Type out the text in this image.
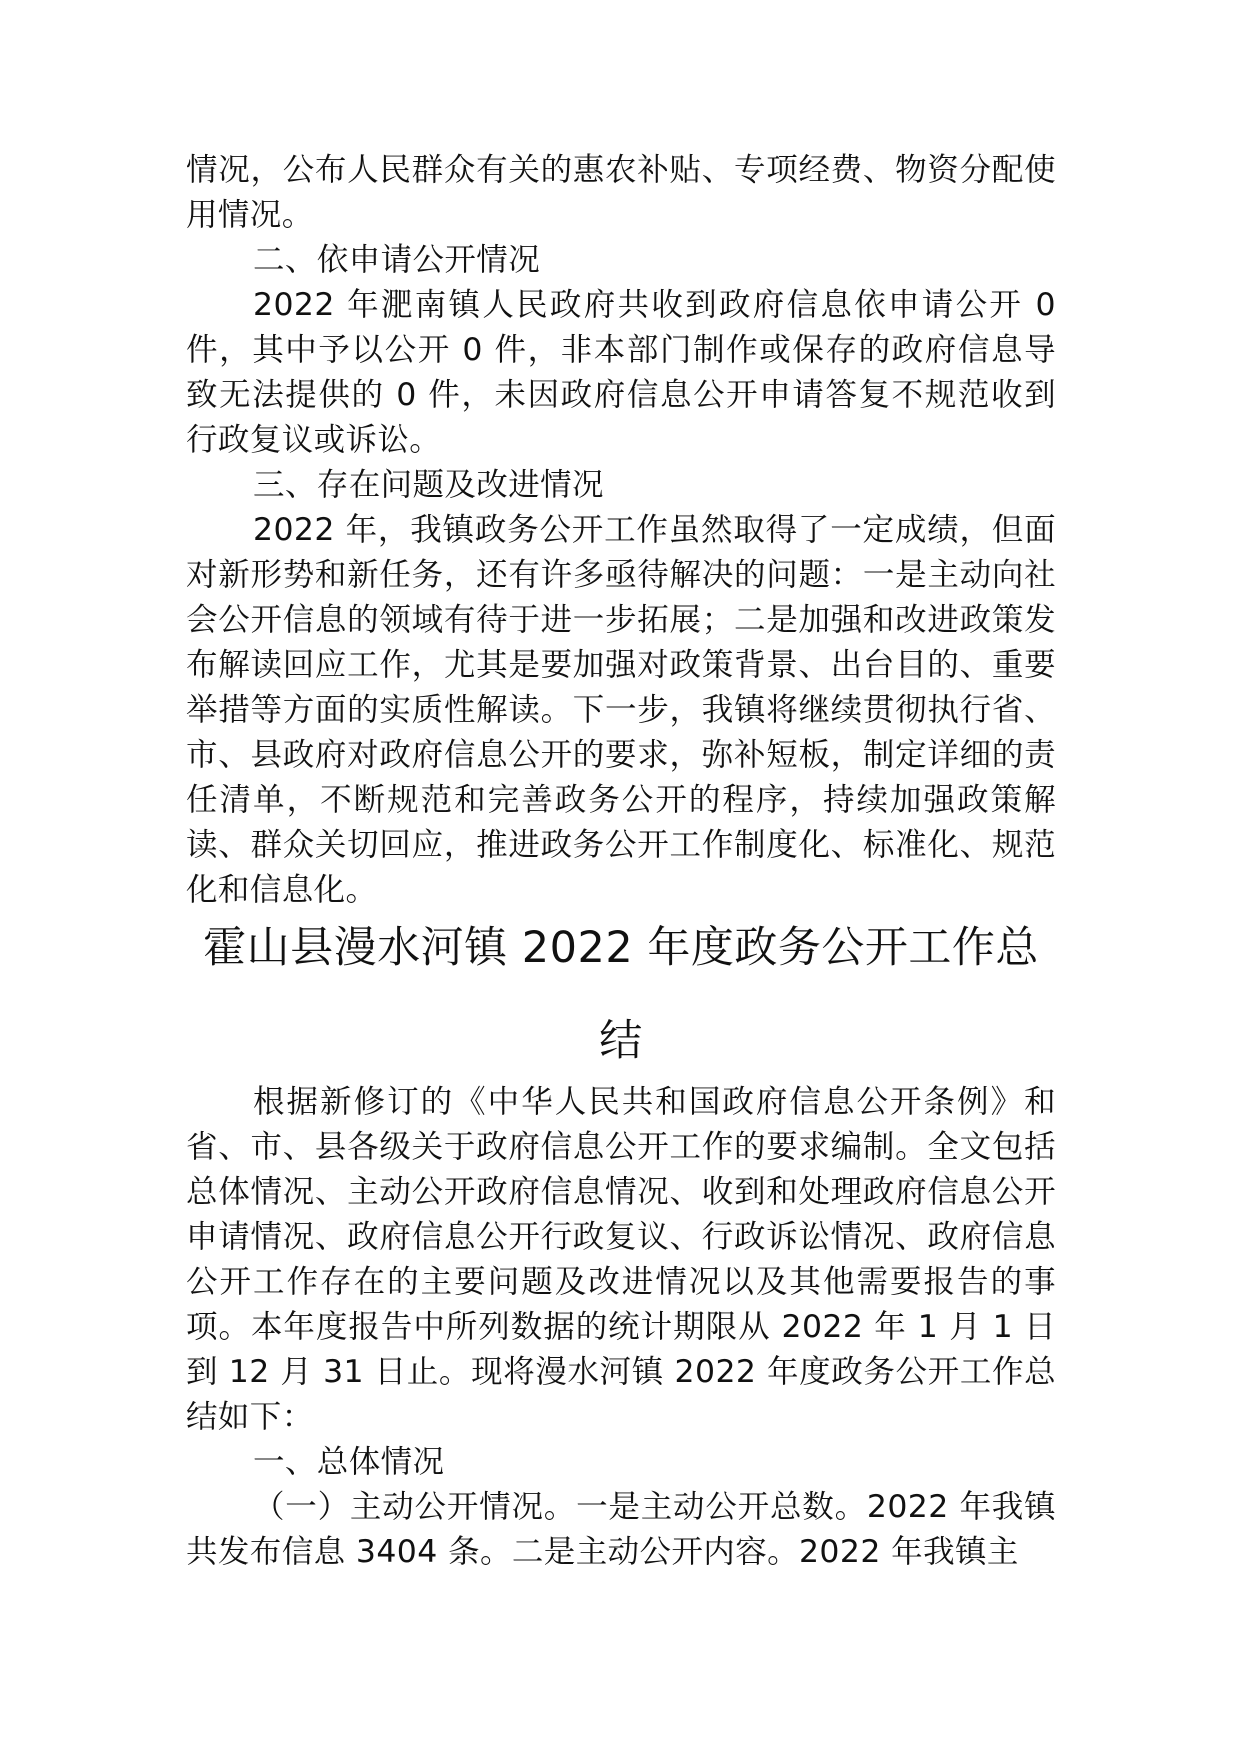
情况，公布人民群众有关的惠农补贴、专项经费、物资分配使用情况。

二、依申请公开情况

2022 年淝南镇人民政府共收到政府信息依申请公开 0 件，其中予以公开 0 件，非本部门制作或保存的政府信息导致无法提供的 0 件，未因政府信息公开申请答复不规范收到行政复议或诉讼。

三、存在问题及改进情况

2022 年，我镇政务公开工作虽然取得了一定成绩，但面对新形势和新任务，还有许多亟待解决的问题：一是主动向社会公开信息的领域有待于进一步拓展；二是加强和改进政策发布解读回应工作，尤其是要加强对政策背景、出台目的、重要举措等方面的实质性解读。下一步，我镇将继续贯彻执行省、市、县政府对政府信息公开的要求，弥补短板，制定详细的责任清单，不断规范和完善政务公开的程序，持续加强政策解读、群众关切回应，推进政务公开工作制度化、标准化、规范化和信息化。

霍山县漫水河镇 2022 年度政务公开工作总
结

根据新修订的《中华人民共和国政府信息公开条例》和省、市、县各级关于政府信息公开工作的要求编制。全文包括总体情况、主动公开政府信息情况、收到和处理政府信息公开申请情况、政府信息公开行政复议、行政诉讼情况、政府信息公开工作存在的主要问题及改进情况以及其他需要报告的事项。本年度报告中所列数据的统计期限从 2022 年 1 月 1 日到 12 月 31 日止。现将漫水河镇 2022 年度政务公开工作总结如下：

一、总体情况

（一）主动公开情况。一是主动公开总数。2022 年我镇共发布信息 3404 条。二是主动公开内容。2022 年我镇主
